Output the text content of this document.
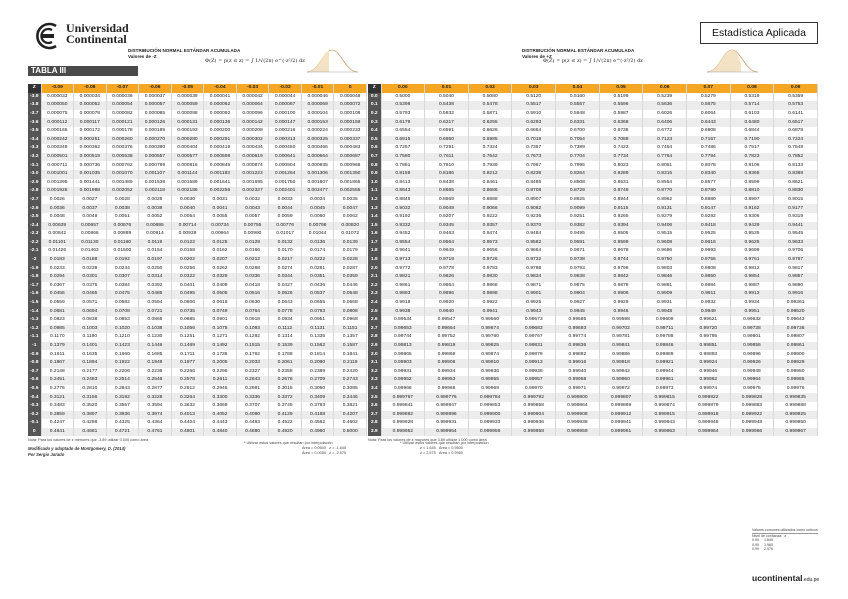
Universidad
Continental	Estadística Aplicada
DISTRIBUCIÓN NORMAL ESTÁNDAR ACUMULADA
Valores de -Z
Φ(Z) = p(z ≤ z) = ∫ 1/√(2π) e^(-z²/2) dz
DISTRIBUCIÓN NORMAL ESTÁNDAR ACUMULADA
Valores de +Z
Φ(Z) = p(z ≤ z) = ∫ 1/√(2π) e^(-z²/2) dz
TABLA III
Z	-0.09	-0.08	-0.07	-0.06	-0.05	-0.04	-0.03	-0.02	-0.01	0
-3.9	0.000033	0.000034	0.000036	0.000037	0.000039	0.000041	0.000042	0.000044	0.000046	0.000048
-3.8	0.000050	0.000052	0.000054	0.000057	0.000059	0.000062	0.000064	0.000067	0.000069	0.000072
-3.7	0.000075	0.000078	0.000082	0.000085	0.000088	0.000092	0.000096	0.000100	0.000104	0.000108
-3.6	0.000112	0.000117	0.000121	0.000126	0.000131	0.000136	0.000142	0.000147	0.000153	0.000159
-3.5	0.000165	0.000172	0.000178	0.000185	0.000193	0.000200	0.000208	0.000216	0.000224	0.000233
-3.4	0.000242	0.000251	0.000260	0.000270	0.000280	0.000291	0.000302	0.000313	0.000325	0.000337
-3.3	0.000349	0.000362	0.000376	0.000390	0.000404	0.000419	0.000434	0.000450	0.000466	0.000483
-3.2	0.000501	0.000519	0.000538	0.000557	0.000577	0.000598	0.000619	0.000641	0.000664	0.000687
-3.1	0.000711	0.000736	0.000762	0.000789	0.000816	0.000845	0.000874	0.000904	0.000935	0.000968
-3.0	0.001001	0.001035	0.001070	0.001107	0.001144	0.001183	0.001223	0.001264	0.001306	0.001350
-2.9	0.001395	0.001441	0.001489	0.001538	0.001589	0.001641	0.001695	0.001750	0.001807	0.001866
-2.8	0.001926	0.001988	0.002052	0.002118	0.002186	0.002256	0.002327	0.002401	0.002477	0.002555
-2.7	0.0026	0.0027	0.0028	0.0029	0.0030	0.0031	0.0032	0.0033	0.0034	0.0035
-2.6	0.0036	0.0037	0.0038	0.0039	0.0040	0.0041	0.0043	0.0044	0.0045	0.0047
-2.5	0.0048	0.0049	0.0051	0.0052	0.0054	0.0055	0.0057	0.0059	0.0060	0.0062
-2.4	0.00639	0.00657	0.00676	0.00695	0.00714	0.00734	0.00755	0.00776	0.00798	0.00820
-2.3	0.00842	0.00866	0.00889	0.00914	0.00939	0.00964	0.00990	0.01017	0.01044	0.01072
-2.2	0.01101	0.01130	0.01160	0.0119	0.0122	0.0125	0.0129	0.0132	0.0136	0.0139
-2.1	0.01426	0.01463	0.01500	0.0154	0.0158	0.0162	0.0166	0.0170	0.0174	0.0179
-2	0.0183	0.0188	0.0192	0.0197	0.0202	0.0207	0.0212	0.0217	0.0222	0.0228
-1.9	0.0233	0.0239	0.0244	0.0250	0.0256	0.0262	0.0268	0.0274	0.0281	0.0287
-1.8	0.0294	0.0301	0.0307	0.0314	0.0322	0.0329	0.0336	0.0344	0.0351	0.0359
-1.7	0.0367	0.0375	0.0384	0.0392	0.0401	0.0409	0.0418	0.0427	0.0436	0.0446
-1.6	0.0455	0.0465	0.0475	0.0485	0.0495	0.0505	0.0516	0.0526	0.0537	0.0548
-1.5	0.0559	0.0571	0.0582	0.0594	0.0606	0.0618	0.0630	0.0643	0.0655	0.0668
-1.4	0.0681	0.0694	0.0708	0.0721	0.0735	0.0749	0.0764	0.0778	0.0793	0.0808
-1.3	0.0823	0.0838	0.0853	0.0869	0.0885	0.0901	0.0918	0.0934	0.0951	0.0968
-1.2	0.0985	0.1003	0.1020	0.1038	0.1056	0.1075	0.1093	0.1112	0.1131	0.1151
-1.1	0.1170	0.1190	0.1210	0.1230	0.1251	0.1271	0.1292	0.1314	0.1335	0.1357
-1	0.1379	0.1401	0.1423	0.1446	0.1469	0.1492	0.1515	0.1539	0.1562	0.1587
-0.9	0.1611	0.1635	0.1660	0.1685	0.1711	0.1736	0.1762	0.1788	0.1814	0.1841
-0.8	0.1867	0.1894	0.1922	0.1949	0.1977	0.2005	0.2033	0.2061	0.2090	0.2119
-0.7	0.2148	0.2177	0.2206	0.2236	0.2266	0.2296	0.2327	0.2358	0.2389	0.2420
-0.6	0.2451	0.2483	0.2514	0.2546	0.2578	0.2611	0.2643	0.2676	0.2709	0.2743
-0.5	0.2776	0.2810	0.2843	0.2877	0.2912	0.2946	0.2981	0.3015	0.3050	0.3085
-0.4	0.3121	0.3156	0.3192	0.3228	0.3264	0.3300	0.3336	0.3372	0.3409	0.3446
-0.3	0.3483	0.3520	0.3557	0.3594	0.3632	0.3669	0.3707	0.3745	0.3783	0.3821
-0.2	0.3859	0.3897	0.3936	0.3974	0.4013	0.4052	0.4090	0.4129	0.4168	0.4207
-0.1	0.4247	0.4286	0.4325	0.4364	0.4404	0.4443	0.4483	0.4522	0.4562	0.4602
0	0.4641	0.4681	0.4721	0.4761	0.4801	0.4840	0.4880	0.4920	0.4960	0.5000
Z	0.00	0.01	0.02	0.03	0.04	0.05	0.06	0.07	0.08	0.09
0.0	0.5000	0.5040	0.5080	0.5120	0.5160	0.5199	0.5239	0.5279	0.5319	0.5359
0.1	0.5398	0.5438	0.5478	0.5517	0.5557	0.5596	0.5636	0.5675	0.5714	0.5753
0.2	0.5793	0.5832	0.5871	0.5910	0.5948	0.5987	0.6026	0.6064	0.6103	0.6141
0.3	0.6179	0.6217	0.6255	0.6293	0.6331	0.6368	0.6406	0.6443	0.6480	0.6517
0.4	0.6554	0.6591	0.6628	0.6664	0.6700	0.6736	0.6772	0.6808	0.6844	0.6879
0.5	0.6915	0.6950	0.6985	0.7019	0.7054	0.7088	0.7123	0.7157	0.7190	0.7224
0.6	0.7257	0.7291	0.7324	0.7357	0.7389	0.7422	0.7454	0.7486	0.7517	0.7549
0.7	0.7580	0.7611	0.7642	0.7673	0.7704	0.7734	0.7764	0.7794	0.7823	0.7852
0.8	0.7881	0.7910	0.7939	0.7967	0.7995	0.8023	0.8051	0.8078	0.8106	0.8133
0.9	0.8159	0.8186	0.8212	0.8238	0.8264	0.8289	0.8315	0.8340	0.8365	0.8389
1.0	0.8413	0.8438	0.8461	0.8485	0.8508	0.8531	0.8554	0.8577	0.8599	0.8621
1.1	0.8643	0.8665	0.8686	0.8708	0.8729	0.8749	0.8770	0.8790	0.8810	0.8830
1.2	0.8849	0.8869	0.8888	0.8907	0.8925	0.8944	0.8962	0.8980	0.8997	0.9015
1.3	0.9032	0.9049	0.9066	0.9082	0.9099	0.9115	0.9131	0.9147	0.9162	0.9177
1.4	0.9192	0.9207	0.9222	0.9236	0.9251	0.9265	0.9279	0.9292	0.9306	0.9319
1.5	0.9332	0.9345	0.9357	0.9370	0.9382	0.9394	0.9406	0.9418	0.9429	0.9441
1.6	0.9452	0.9463	0.9474	0.9484	0.9495	0.9505	0.9515	0.9525	0.9535	0.9545
1.7	0.9554	0.9564	0.9573	0.9582	0.9591	0.9599	0.9608	0.9616	0.9625	0.9633
1.8	0.9641	0.9649	0.9656	0.9664	0.9671	0.9678	0.9686	0.9693	0.9699	0.9706
1.9	0.9713	0.9719	0.9726	0.9732	0.9738	0.9744	0.9750	0.9756	0.9761	0.9767
2.0	0.9772	0.9778	0.9783	0.9788	0.9793	0.9798	0.9803	0.9808	0.9812	0.9817
2.1	0.9821	0.9826	0.9830	0.9834	0.9838	0.9842	0.9846	0.9850	0.9854	0.9857
2.2	0.9861	0.9864	0.9868	0.9871	0.9875	0.9878	0.9881	0.9884	0.9887	0.9890
2.3	0.9893	0.9896	0.9898	0.9901	0.9904	0.9906	0.9909	0.9911	0.9913	0.9916
2.4	0.9918	0.9920	0.9922	0.9925	0.9927	0.9929	0.9931	0.9932	0.9934	0.99361
2.5	0.9938	0.9940	0.9941	0.9943	0.9945	0.9946	0.9948	0.9949	0.9951	0.99520
2.6	0.99534	0.99547	0.99560	0.99573	0.99585	0.99598	0.99609	0.99621	0.99632	0.99643
2.7	0.99653	0.99664	0.99674	0.99683	0.99693	0.99702	0.99711	0.99720	0.99728	0.99736
2.8	0.99744	0.99752	0.99760	0.99767	0.99774	0.99781	0.99788	0.99795	0.99801	0.99807
2.9	0.99813	0.99819	0.99825	0.99831	0.99836	0.99841	0.99846	0.99851	0.99856	0.99861
3.0	0.99865	0.99869	0.99874	0.99878	0.99882	0.99886	0.99889	0.99893	0.99896	0.99900
3.1	0.99903	0.99906	0.99910	0.99913	0.99916	0.99918	0.99921	0.99924	0.99926	0.99929
3.2	0.99931	0.99934	0.99936	0.99938	0.99940	0.99942	0.99944	0.99946	0.99948	0.99950
3.3	0.99952	0.99953	0.99955	0.99957	0.99958	0.99960	0.99961	0.99962	0.99964	0.99965
3.4	0.99966	0.99968	0.99969	0.99970	0.99971	0.99972	0.99973	0.99974	0.99975	0.99976
3.5	0.999767	0.999776	0.999784	0.999792	0.999800	0.999807	0.999815	0.999822	0.999828	0.999835
3.6	0.999841	0.999847	0.999853	0.999858	0.999864	0.999869	0.999874	0.999879	0.999883	0.999888
3.7	0.999892	0.999896	0.999900	0.999904	0.999908	0.999912	0.999915	0.999918	0.999922	0.999925
3.8	0.999928	0.999931	0.999933	0.999936	0.999938	0.999941	0.999943	0.999946	0.999948	0.999950
3.9	0.999952	0.999954	0.999956	0.999958	0.999959	0.999961	0.999963	0.999964	0.999966	0.999967
Nota: Para los valores de z menores que -3.89 utilizar 0.000 como área	Nota: Para los valores de z mayores que 3.89 utilizar 1.000 como área
Modificado y adaptado de Montgomery, D. (2014)
Por Sergio Jurado
* Utilizar estos valores que resultan por interpolación
Área = 0.0500 z = -1.645
Área = 0.0050 z = -2.575
* Utilizar estos valores que resultan por interpolación
z = 1.645 Área = 0.9500
z = 2.575 Área = 0.9950
Valores comunes utilizados como críticos
Nivel de confianza z
0.90 1.645
0.95 1.960
0.99 2.576
ucontinental.edu.pe
